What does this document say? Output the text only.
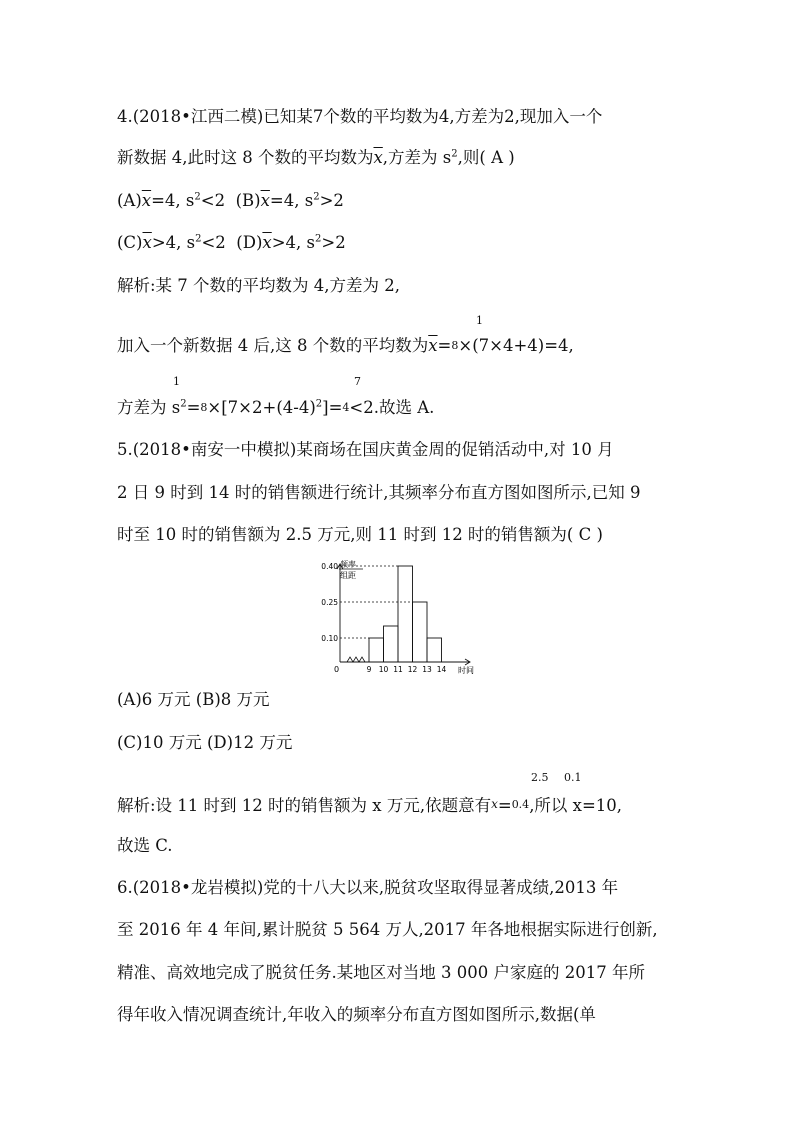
4.(2018•江西二模)已知某7个数的平均数为4,方差为2,现加入一个
新数据 4,此时这 8 个数的平均数为$\overline{x}$,方差为 $s^2$,则( A )
$(A)\overline{x}=4$, $s^2<2$ $(B)\overline{x}=4$, $s^2>2$
$(C)\overline{x}>4$, $s^2<2$ $(D)\overline{x}>4$, $s^2>2$
解析:某 7 个数的平均数为 4,方差为 2,
1
加入一个新数据 4 后,这 8 个数的平均数为$\overline{x}=8\times(7\times 4+4)=4$,
1	7
方差为 $s^2=8\times[7\times 2+(4-4)^2]=4<2$.故选 A.
5.(2018•南安一中模拟)某商场在国庆黄金周的促销活动中,对 10 月
2 日 9 时到 14 时的销售额进行统计,其频率分布直方图如图所示,已知 9
时至 10 时的销售额为 2.5 万元,则 11 时到 12 时的销售额为( C )
频率
组距
0.10
0.25
0.40
9 10 11 12 13 14 时间
0
(A)6 万元 (B)8 万元
(C)10 万元 (D)12 万元
2.5 0.1
解析:设 11 时到 12 时的销售额为 x 万元,依题意有x=0.4,所以 x=10,
故选 C.
6.(2018•龙岩模拟)党的十八大以来,脱贫攻坚取得显著成绩,2013 年
至 2016 年 4 年间,累计脱贫 5 564 万人,2017 年各地根据实际进行创新,
精准、高效地完成了脱贫任务.某地区对当地 3 000 户家庭的 2017 年所
得年收入情况调查统计,年收入的频率分布直方图如图所示,数据(单
